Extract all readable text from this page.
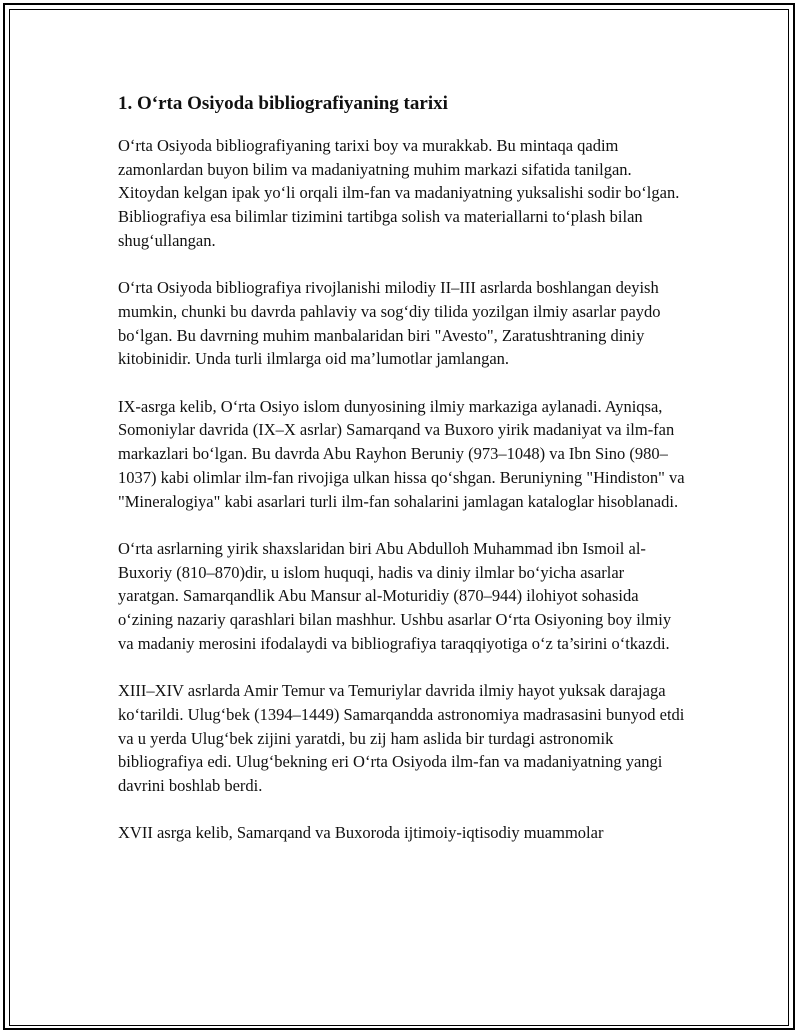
1. O‘rta Osiyoda bibliografiyaning tarixi

O‘rta Osiyoda bibliografiyaning tarixi boy va murakkab. Bu mintaqa qadim zamonlardan buyon bilim va madaniyatning muhim markazi sifatida tanilgan. Xitoydan kelgan ipak yo‘li orqali ilm-fan va madaniyatning yuksalishi sodir bo‘lgan. Bibliografiya esa bilimlar tizimini tartibga solish va materiallarni to‘plash bilan shug‘ullangan.

O‘rta Osiyoda bibliografiya rivojlanishi milodiy II–III asrlarda boshlangan deyish mumkin, chunki bu davrda pahlaviy va sog‘diy tilida yozilgan ilmiy asarlar paydo bo‘lgan. Bu davrning muhim manbalaridan biri "Avesto", Zaratushtraning diniy kitobinidir. Unda turli ilmlarga oid ma’lumotlar jamlangan.

IX-asrga kelib, O‘rta Osiyo islom dunyosining ilmiy markaziga aylanadi. Ayniqsa, Somoniylar davrida (IX–X asrlar) Samarqand va Buxoro yirik madaniyat va ilm-fan markazlari bo‘lgan. Bu davrda Abu Rayhon Beruniy (973–1048) va Ibn Sino (980–1037) kabi olimlar ilm-fan rivojiga ulkan hissa qo‘shgan. Beruniyning "Hindiston" va "Mineralogiya" kabi asarlari turli ilm-fan sohalarini jamlagan kataloglar hisoblanadi.

O‘rta asrlarning yirik shaxslaridan biri Abu Abdulloh Muhammad ibn Ismoil al-Buxoriy (810–870)dir, u islom huquqi, hadis va diniy ilmlar bo‘yicha asarlar yaratgan. Samarqandlik Abu Mansur al-Moturidiy (870–944) ilohiyot sohasida o‘zining nazariy qarashlari bilan mashhur. Ushbu asarlar O‘rta Osiyoning boy ilmiy va madaniy merosini ifodalaydi va bibliografiya taraqqiyotiga o‘z ta’sirini o‘tkazdi.

XIII–XIV asrlarda Amir Temur va Temuriylar davrida ilmiy hayot yuksak darajaga ko‘tarildi. Ulug‘bek (1394–1449) Samarqandda astronomiya madrasasini bunyod etdi va u yerda Ulug‘bek zijini yaratdi, bu zij ham aslida bir turdagi astronomik bibliografiya edi. Ulug‘bekning eri O‘rta Osiyoda ilm-fan va madaniyatning yangi davrini boshlab berdi.

XVII asrga kelib, Samarqand va Buxoroda ijtimoiy-iqtisodiy muammolar
